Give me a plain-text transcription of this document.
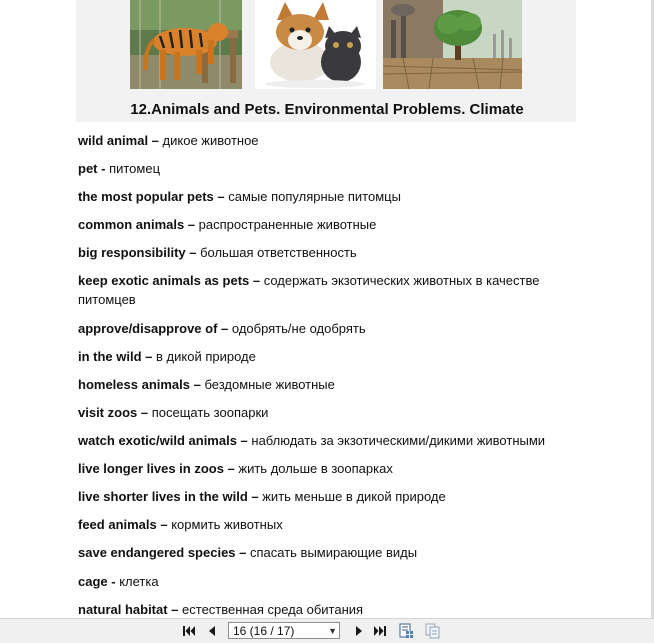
12.Animals and Pets. Environmental Problems. Climate
wild animal – дикое животное
pet - питомец
the most popular pets – самые популярные питомцы
common animals – распространенные животные
big responsibility – большая ответственность
keep exotic animals as pets – содержать экзотических животных в качестве питомцев
approve/disapprove of – одобрять/не одобрять
in the wild – в дикой природе
homeless animals – бездомные животные
visit zoos – посещать зоопарки
watch exotic/wild animals – наблюдать за экзотическими/дикими животными
live longer lives in zoos – жить дольше в зоопарках
live shorter lives in the wild – жить меньше в дикой природе
feed animals – кормить животных
save endangered species – спасать вымирающие виды
cage - клетка
natural habitat – естественная среда обитания
16 (16 / 17)	▼
